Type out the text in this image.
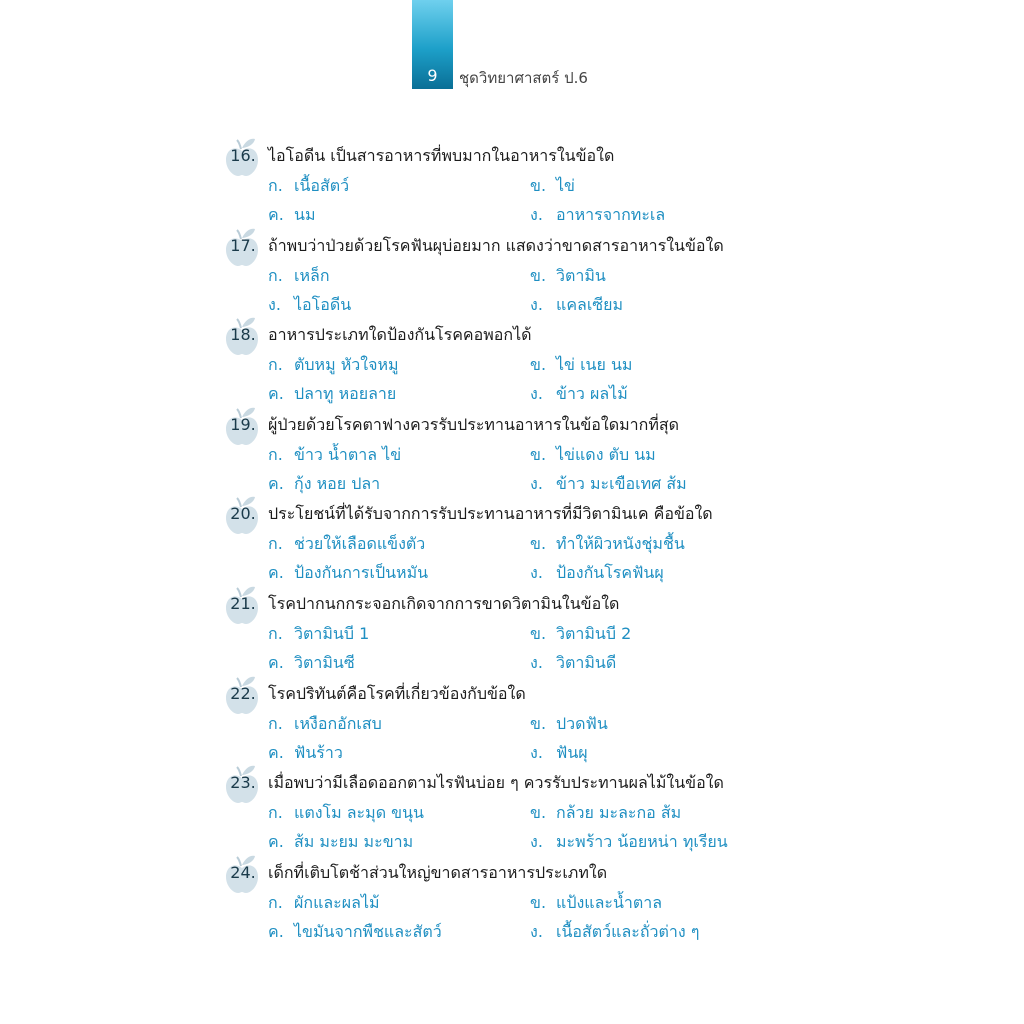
9	ชุดวิทยาศาสตร์ ป.6
16. ไอโอดีน เป็นสารอาหารที่พบมากในอาหารในข้อใด
ก. เนื้อสัตว์	ข. ไข่
ค. นม	ง. อาหารจากทะเล
17. ถ้าพบว่าป่วยด้วยโรคฟันผุบ่อยมาก แสดงว่าขาดสารอาหารในข้อใด
ก. เหล็ก	ข. วิตามิน
ง. ไอโอดีน	ง. แคลเซียม
18. อาหารประเภทใดป้องกันโรคคอพอกได้
ก. ตับหมู หัวใจหมู	ข. ไข่ เนย นม
ค. ปลาทู หอยลาย	ง. ข้าว ผลไม้
19. ผู้ป่วยด้วยโรคตาฟางควรรับประทานอาหารในข้อใดมากที่สุด
ก. ข้าว น้ำตาล ไข่	ข. ไข่แดง ตับ นม
ค. กุ้ง หอย ปลา	ง. ข้าว มะเขือเทศ ส้ม
20. ประโยชน์ที่ได้รับจากการรับประทานอาหารที่มีวิตามินเค คือข้อใด
ก. ช่วยให้เลือดแข็งตัว	ข. ทำให้ผิวหนังชุ่มชื้น
ค. ป้องกันการเป็นหมัน	ง. ป้องกันโรคฟันผุ
21. โรคปากนกกระจอกเกิดจากการขาดวิตามินในข้อใด
ก. วิตามินบี 1	ข. วิตามินบี 2
ค. วิตามินซี	ง. วิตามินดี
22. โรคปริทันต์คือโรคที่เกี่ยวข้องกับข้อใด
ก. เหงือกอักเสบ	ข. ปวดฟัน
ค. ฟันร้าว	ง. ฟันผุ
23. เมื่อพบว่ามีเลือดออกตามไรฟันบ่อย ๆ ควรรับประทานผลไม้ในข้อใด
ก. แตงโม ละมุด ขนุน	ข. กล้วย มะละกอ ส้ม
ค. ส้ม มะยม มะขาม	ง. มะพร้าว น้อยหน่า ทุเรียน
24. เด็กที่เติบโตช้าส่วนใหญ่ขาดสารอาหารประเภทใด
ก. ผักและผลไม้	ข. แป้งและน้ำตาล
ค. ไขมันจากพืชและสัตว์	ง. เนื้อสัตว์และถั่วต่าง ๆ
